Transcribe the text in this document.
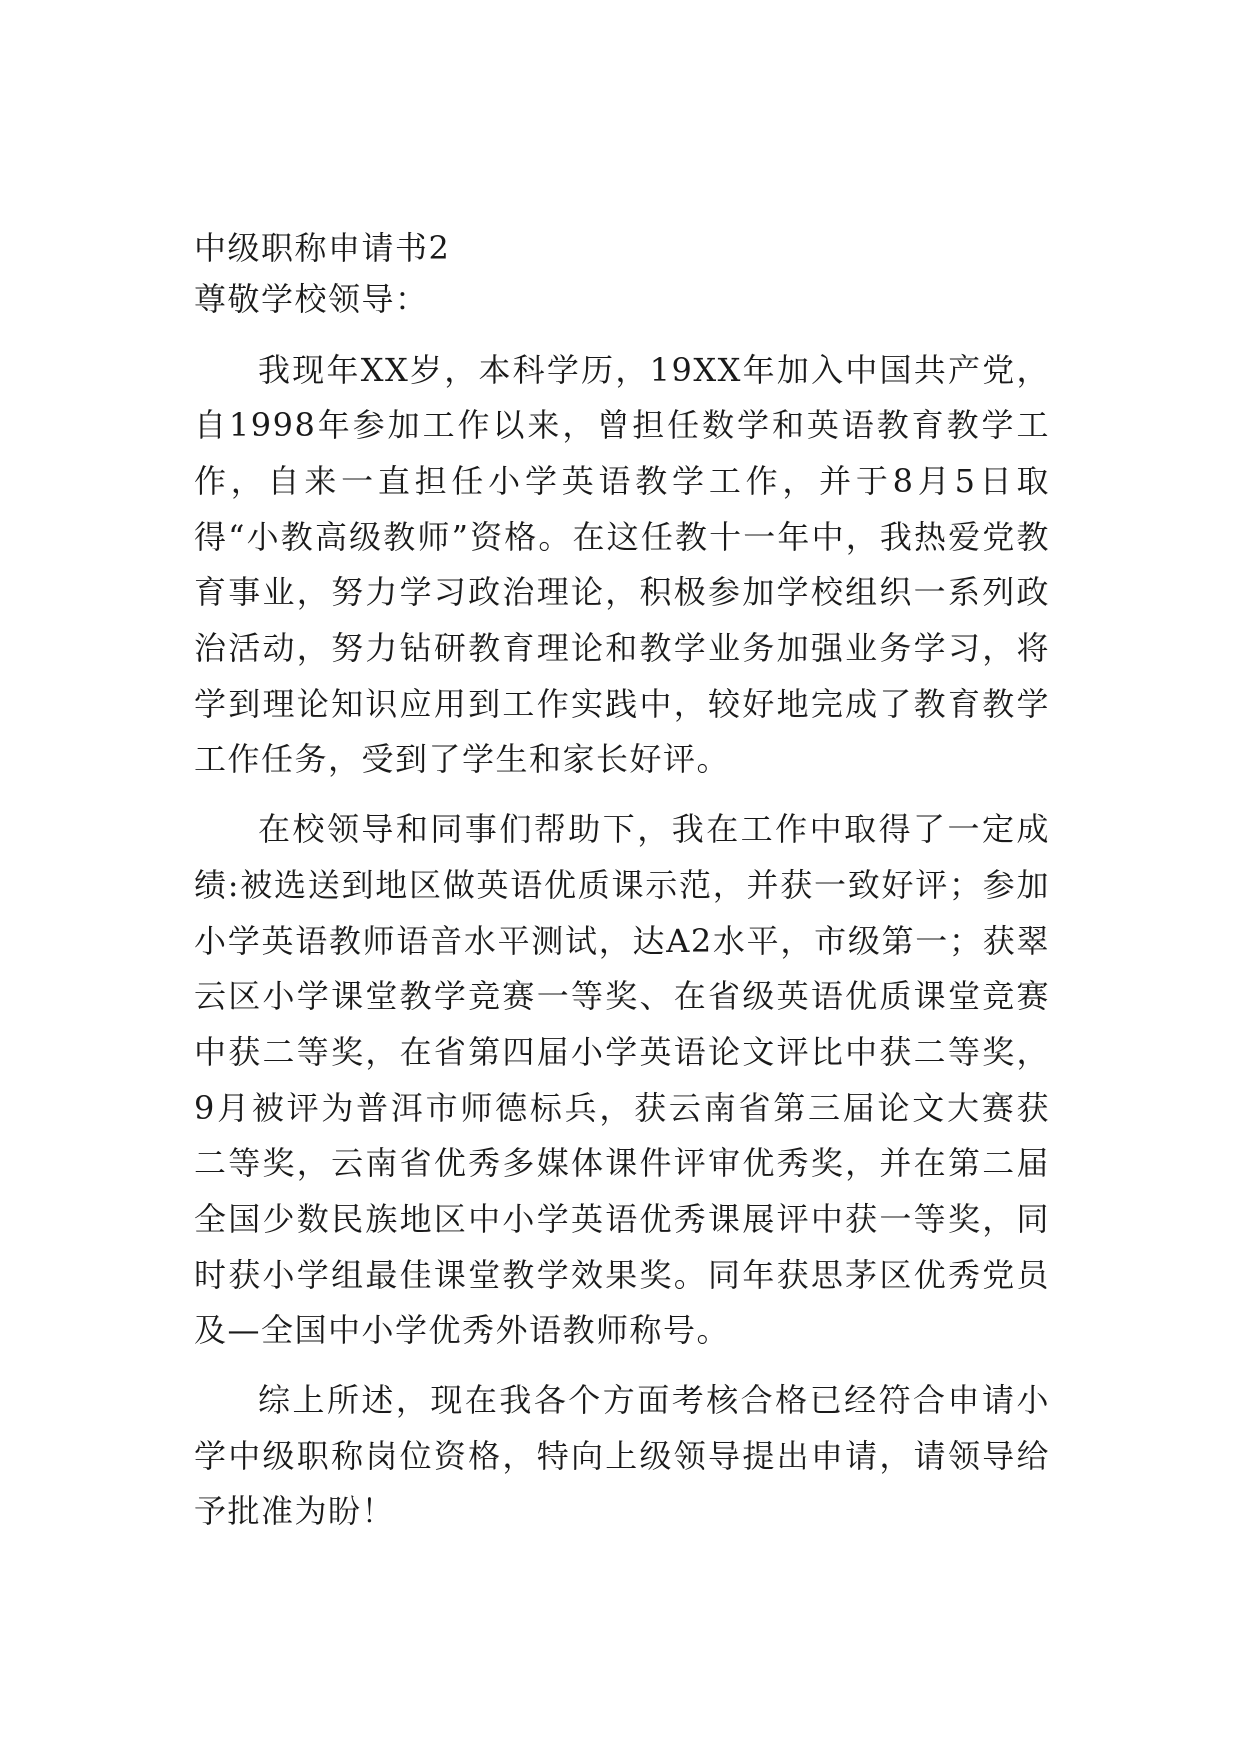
中级职称申请书2

尊敬学校领导：

我现年XX岁，本科学历，19XX年加入中国共产党，自1998年参加工作以来，曾担任数学和英语教育教学工作，自来一直担任小学英语教学工作，并于8月5日取得“小教高级教师”资格。在这任教十一年中，我热爱党教育事业，努力学习政治理论，积极参加学校组织一系列政治活动，努力钻研教育理论和教学业务加强业务学习，将学到理论知识应用到工作实践中，较好地完成了教育教学工作任务，受到了学生和家长好评。

在校领导和同事们帮助下，我在工作中取得了一定成绩:被选送到地区做英语优质课示范，并获一致好评；参加小学英语教师语音水平测试，达A2水平，市级第一；获翠云区小学课堂教学竞赛一等奖、在省级英语优质课堂竞赛中获二等奖，在省第四届小学英语论文评比中获二等奖，9月被评为普洱市师德标兵，获云南省第三届论文大赛获二等奖，云南省优秀多媒体课件评审优秀奖，并在第二届全国少数民族地区中小学英语优秀课展评中获一等奖，同时获小学组最佳课堂教学效果奖。同年获思茅区优秀党员及—全国中小学优秀外语教师称号。

综上所述，现在我各个方面考核合格已经符合申请小学中级职称岗位资格，特向上级领导提出申请，请领导给予批准为盼！
